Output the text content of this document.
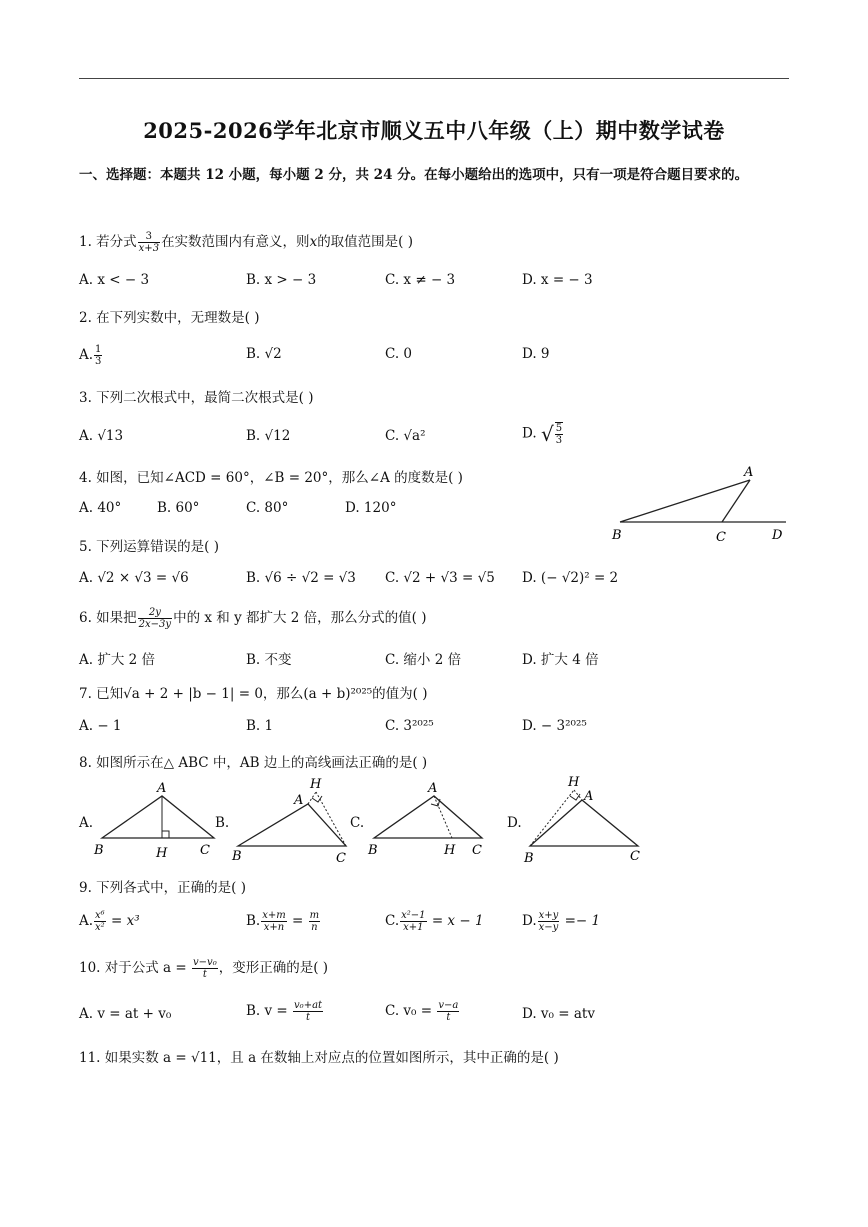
2025-2026学年北京市顺义五中八年级（上）期中数学试卷
一、选择题：本题共 12 小题，每小题 2 分，共 24 分。在每小题给出的选项中，只有一项是符合题目要求的。
1. 若分式 $\frac{3}{x+3}$ 在实数范围内有意义，则x的取值范围是( )
A. x < − 3	B. x > − 3	C. x ≠ − 3	D. x = − 3
2. 在下列实数中，无理数是( )
A. $\frac{1}{3}$	B. √2	C. 0	D. 9
3. 下列二次根式中，最简二次根式是( )
A. √13	B. √12	C. √a²	D. √ $\frac{5}{3}$
4. 如图，已知∠ACD = 60°，∠B = 20°，那么∠A 的度数是( )
A. 40°	B. 60°	C. 80°	D. 120°
A
B	C	D
5. 下列运算错误的是( )
A. √2 × √3 = √6	B. √6 ÷ √2 = √3 C. √2 + √3 = √5 D. (− √2)² = 2
6. 如果把 $\frac{2y}{2x-3y}$ 中的 x 和 y 都扩大 2 倍，那么分式的值( )
A. 扩大 2 倍	B. 不变	C. 缩小 2 倍	D. 扩大 4 倍
7. 已知√a + 2 + |b − 1| = 0，那么(a + b)²⁰²⁵的值为( )
A. − 1	B. 1	C. 3²⁰²⁵	D. − 3²⁰²⁵
8. 如图所示在△ ABC 中，AB 边上的高线画法正确的是( )
A.	B.	C.	D.
A
B	C
H
A
B	C
H	A
B	C
H
A
B	C
H
9. 下列各式中，正确的是( )
A. $\frac{\text{x⁶}}{\text{x²}} = x^3$	B. $\frac{x+m}{x+n} = \frac{m}{n}$	C. $\frac{\text{x²−1}}{x+1} = x - 1$	D. $\frac{x+y}{x-y} =- 1$
10. 对于公式 $a = \frac{\text{v−v₀}}{t}$ ，变形正确的是( )
A. v = at + v₀	B. $v = \frac{\text{v₀+at}}{t}$	C. $v_0 = \frac{v-a}{t}$	D. v₀ = atv
11. 如果实数 a = √11，且 a 在数轴上对应点的位置如图所示，其中正确的是( )
